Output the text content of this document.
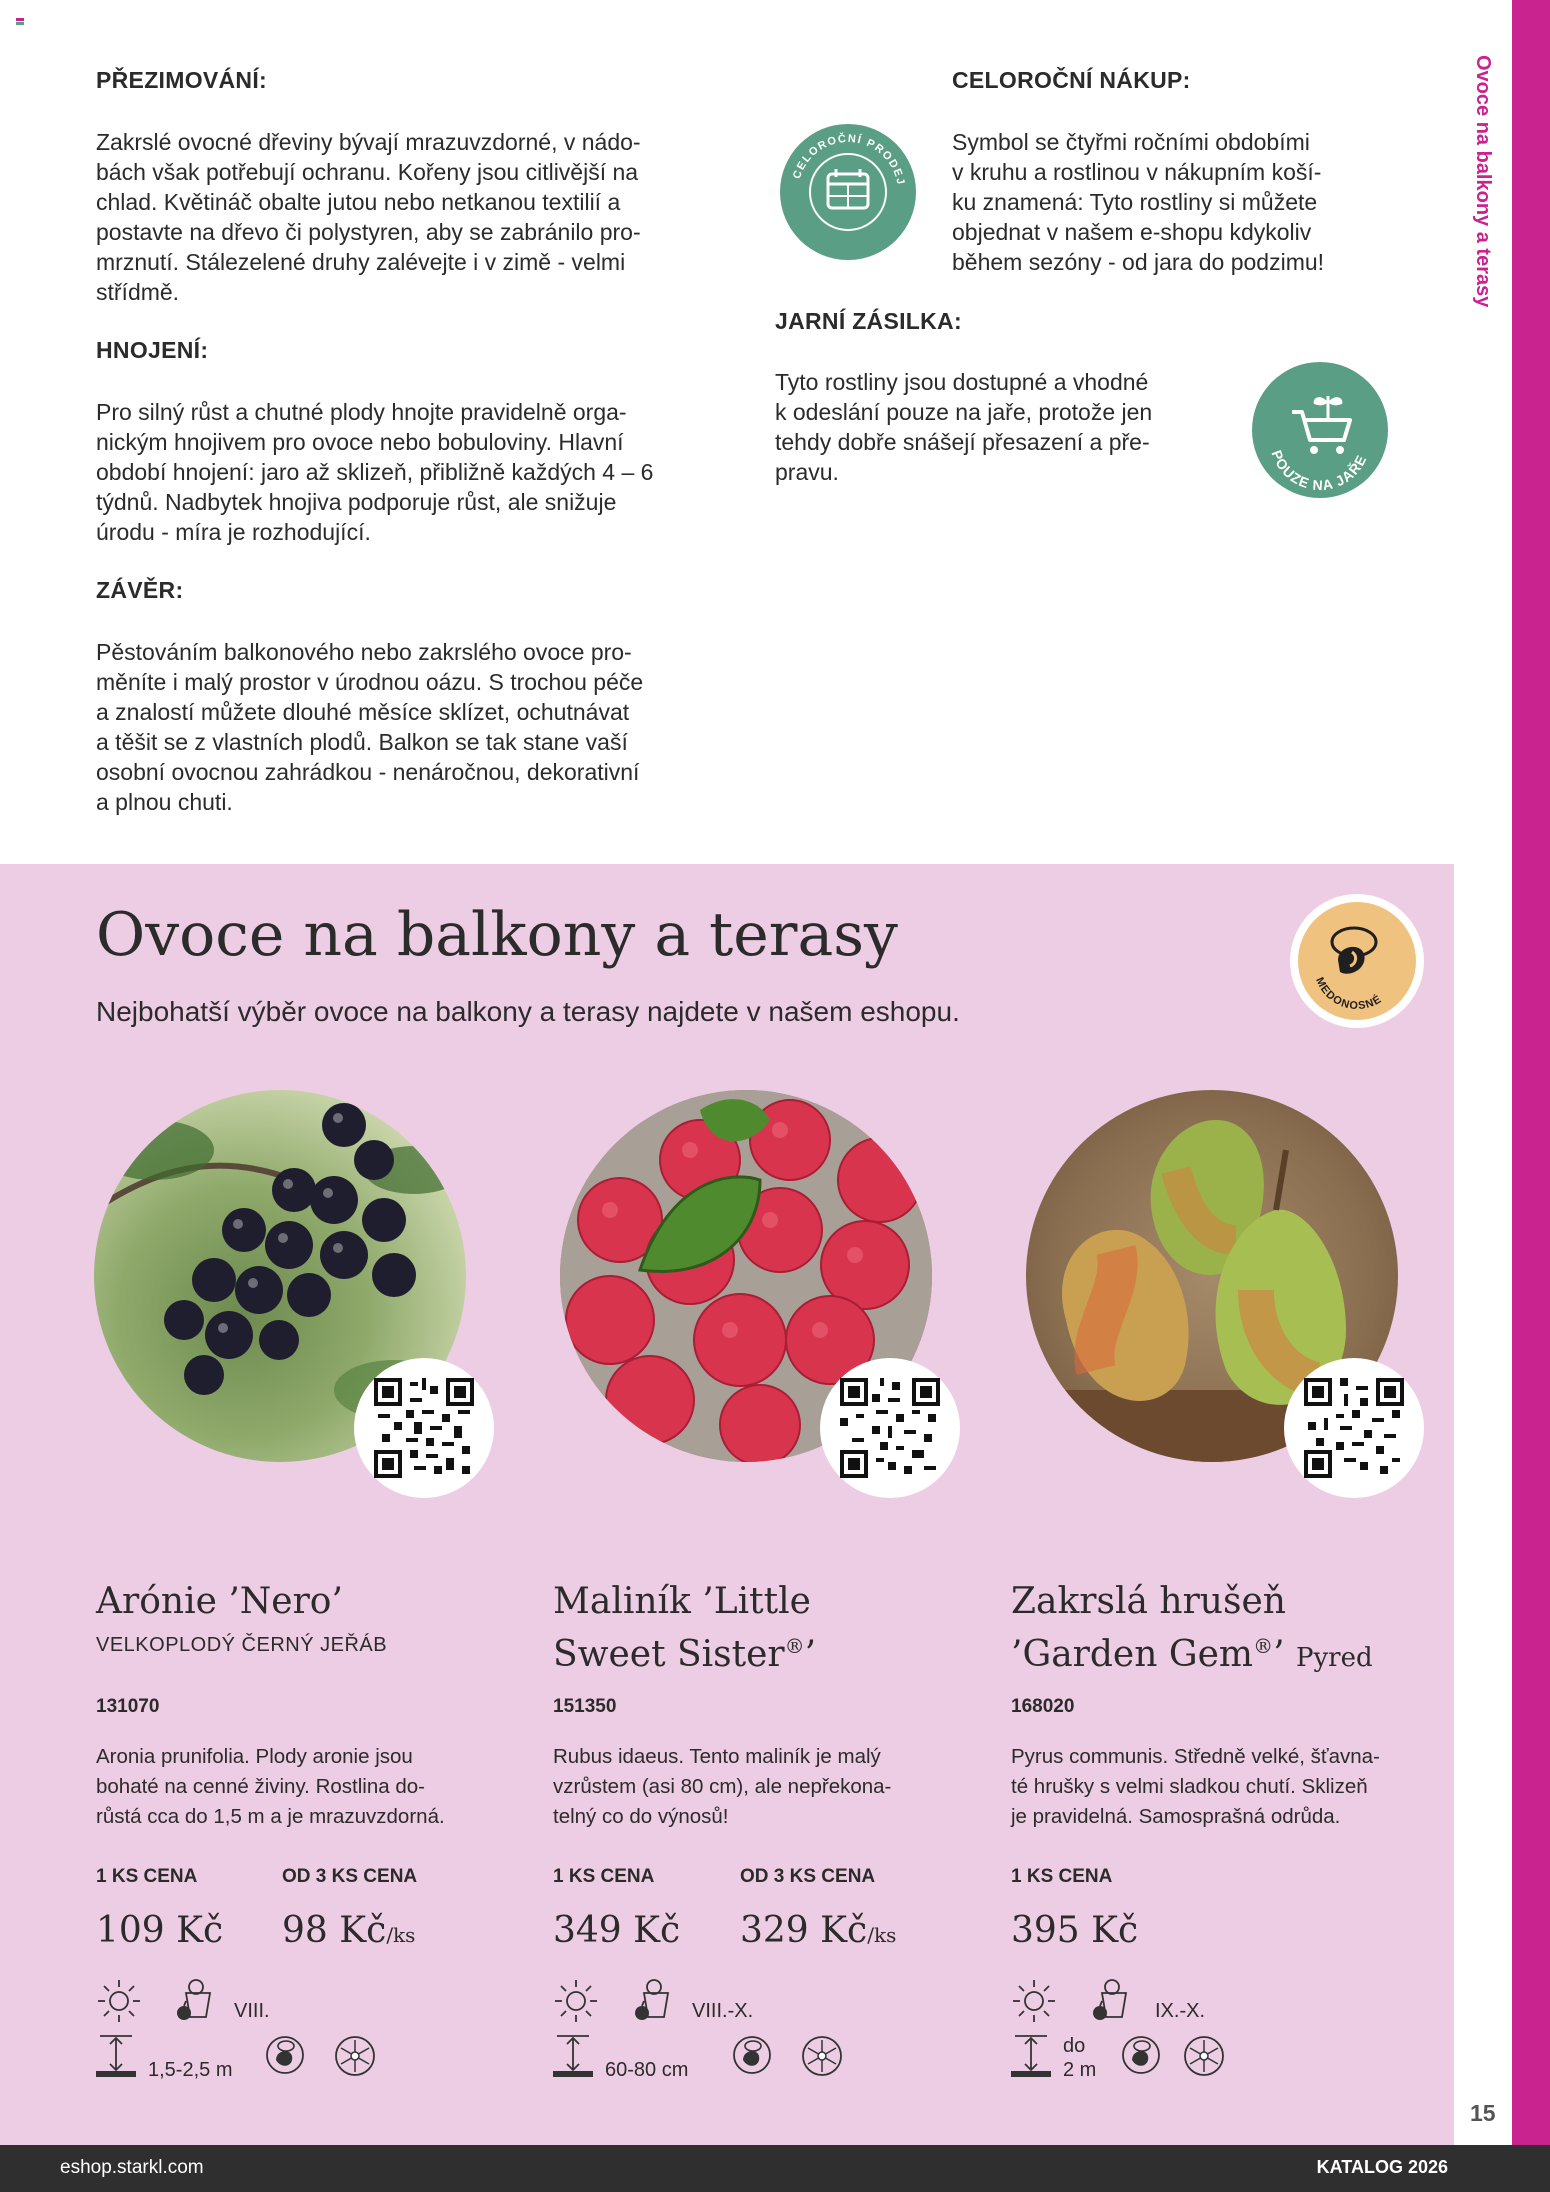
Ovoce na balkony a terasy
PŘEZIMOVÁNÍ:
Zakrslé ovocné dřeviny bývají mrazuvzdorné, v nádo-
bách však potřebují ochranu. Kořeny jsou citlivější na
chlad. Květináč obalte jutou nebo netkanou textilií a
postavte na dřevo či polystyren, aby se zabránilo pro-
mrznutí. Stálezelené druhy zalévejte i v zimě - velmi
střídmě.
HNOJENÍ:
Pro silný růst a chutné plody hnojte pravidelně orga-
nickým hnojivem pro ovoce nebo bobuloviny. Hlavní
období hnojení: jaro až sklizeň, přibližně každých 4 – 6
týdnů. Nadbytek hnojiva podporuje růst, ale snižuje
úrodu - míra je rozhodující.
ZÁVĚR:
Pěstováním balkonového nebo zakrslého ovoce pro-
měníte i malý prostor v úrodnou oázu. S trochou péče
a znalostí můžete dlouhé měsíce sklízet, ochutnávat
a těšit se z vlastních plodů. Balkon se tak stane vaší
osobní ovocnou zahrádkou - nenáročnou, dekorativní
a plnou chuti.
CELOROČNÍ NÁKUP:
Symbol se čtyřmi ročními obdobími
v kruhu a rostlinou v nákupním koší-
ku znamená: Tyto rostliny si můžete
objednat v našem e-shopu kdykoliv
během sezóny - od jara do podzimu!
CELOROČNÍ PRODEJ
JARNÍ ZÁSILKA:
Tyto rostliny jsou dostupné a vhodné
k odeslání pouze na jaře, protože jen
tehdy dobře snášejí přesazení a pře-
pravu.
POUZE NA JAŘE
Ovoce na balkony a terasy
Nejbohatší výběr ovoce na balkony a terasy najdete v našem eshopu.
MEDONOSNÉ
Arónie ’Nero’
VELKOPLODÝ ČERNÝ JEŘÁB
131070
Aronia prunifolia. Plody aronie jsou
bohaté na cenné živiny. Rostlina do-
růstá cca do 1,5 m a je mrazuvzdorná.
1 KS CENA	OD 3 KS CENA
109 Kč 98 Kč/ks
Maliník ’Little
Sweet Sister®’
151350
Rubus idaeus. Tento maliník je malý
vzrůstem (asi 80 cm), ale nepřekona-
telný co do výnosů!
1 KS CENA	OD 3 KS CENA
349 Kč 329 Kč/ks
Zakrslá hrušeň
’Garden Gem®’ Pyred
168020
Pyrus communis. Středně velké, šťavna-
té hrušky s velmi sladkou chutí. Sklizeň
je pravidelná. Samosprašná odrůda.
1 KS CENA
395 Kč
VIII.
1,5-2,5 m
VIII.-X.
60-80 cm
IX.-X.
do
2 m
15
eshop.starkl.com	KATALOG 2026
